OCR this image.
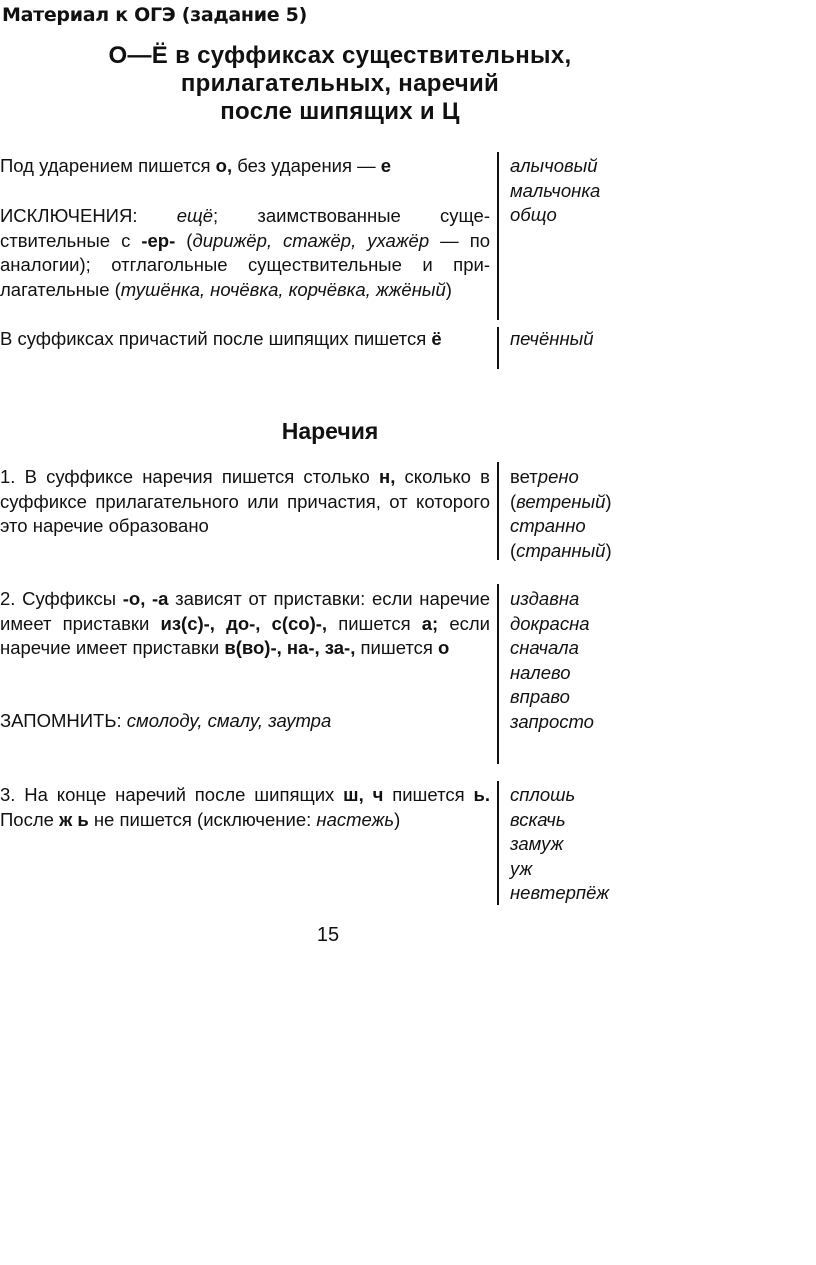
Материал к ОГЭ (задание 5)
О—Ё в суффиксах существительных,
прилагательных, наречий
после шипящих и Ц
Под ударением пишется о, без ударения — е
ИСКЛЮЧЕНИЯ: ещё; заимствованные существительные с -ер- (дирижёр, стажёр, ухажёр — по аналогии); отглагольные существительные и прилагательные (тушёнка, ночёвка, корчёвка, жжёный)
В суффиксах причастий после шипящих пишется ё
алычовый
мальчонка
общо
печённый
Наречия
1. В суффиксе наречия пишется столько н, сколько в суффиксе прилагательного или причастия, от которого это наречие образовано
ветрено
(ветреный)
странно
(странный)
2. Суффиксы -о, -а зависят от приставки: если наречие имеет приставки из(с)-, до-, с(со)-, пишется а; если наречие имеет приставки в(во)-, на-, за-, пишется о
ЗАПОМНИТЬ: смолоду, смалу, заутра
издавна
докрасна
сначала
налево
вправо
запросто
3. На конце наречий после шипящих ш, ч пишется ь. После ж ь не пишется (исключение: настежь)
сплошь
вскачь
замуж
уж
невтерпёж
15
